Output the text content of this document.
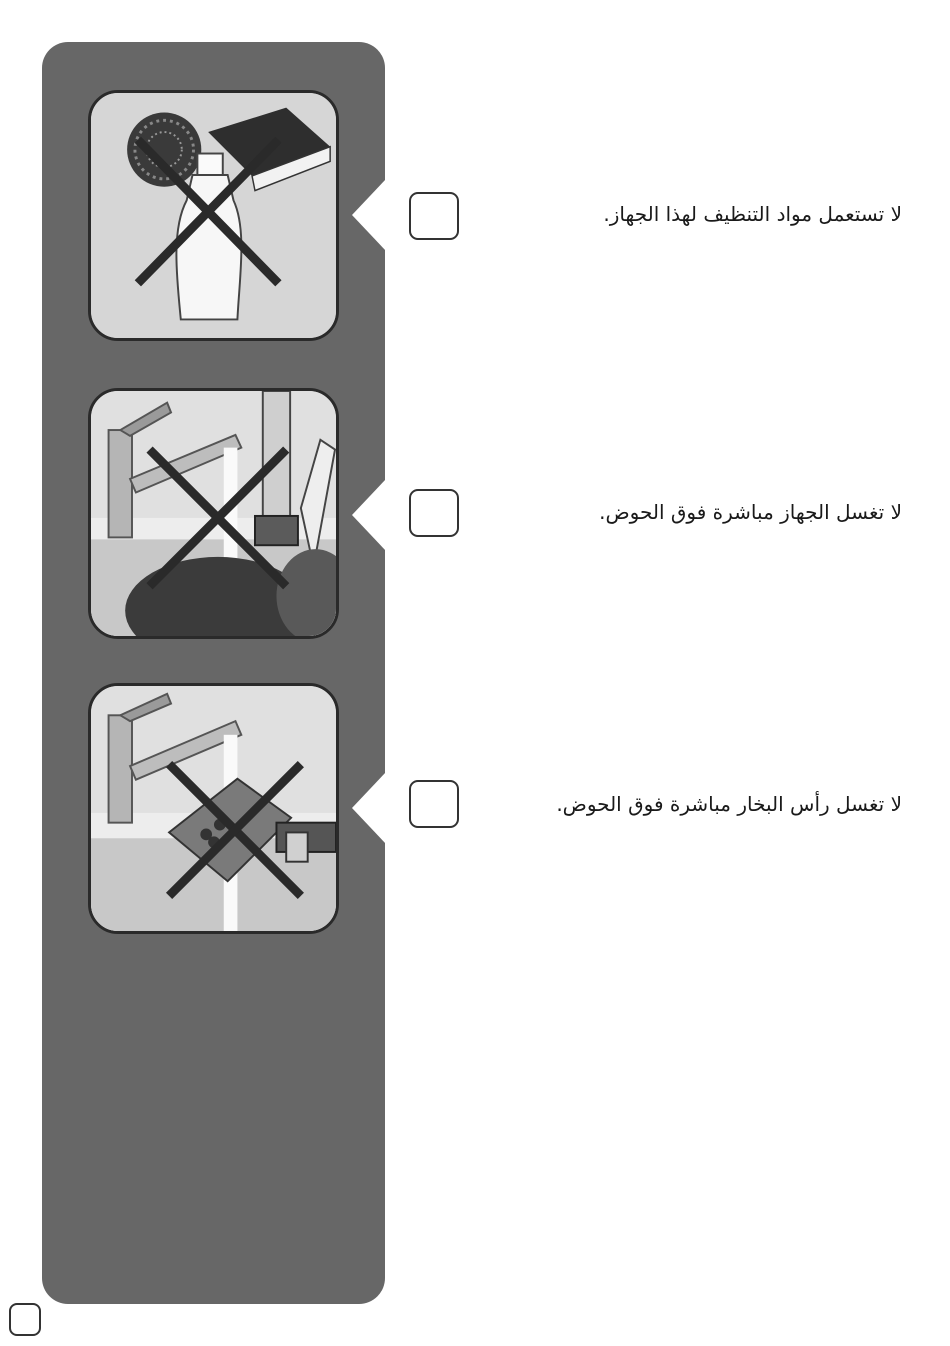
لا تستعمل مواد التنظيف لهذا الجهاز.
لا تغسل الجهاز مباشرة فوق الحوض.
لا تغسل رأس البخار مباشرة فوق الحوض.
